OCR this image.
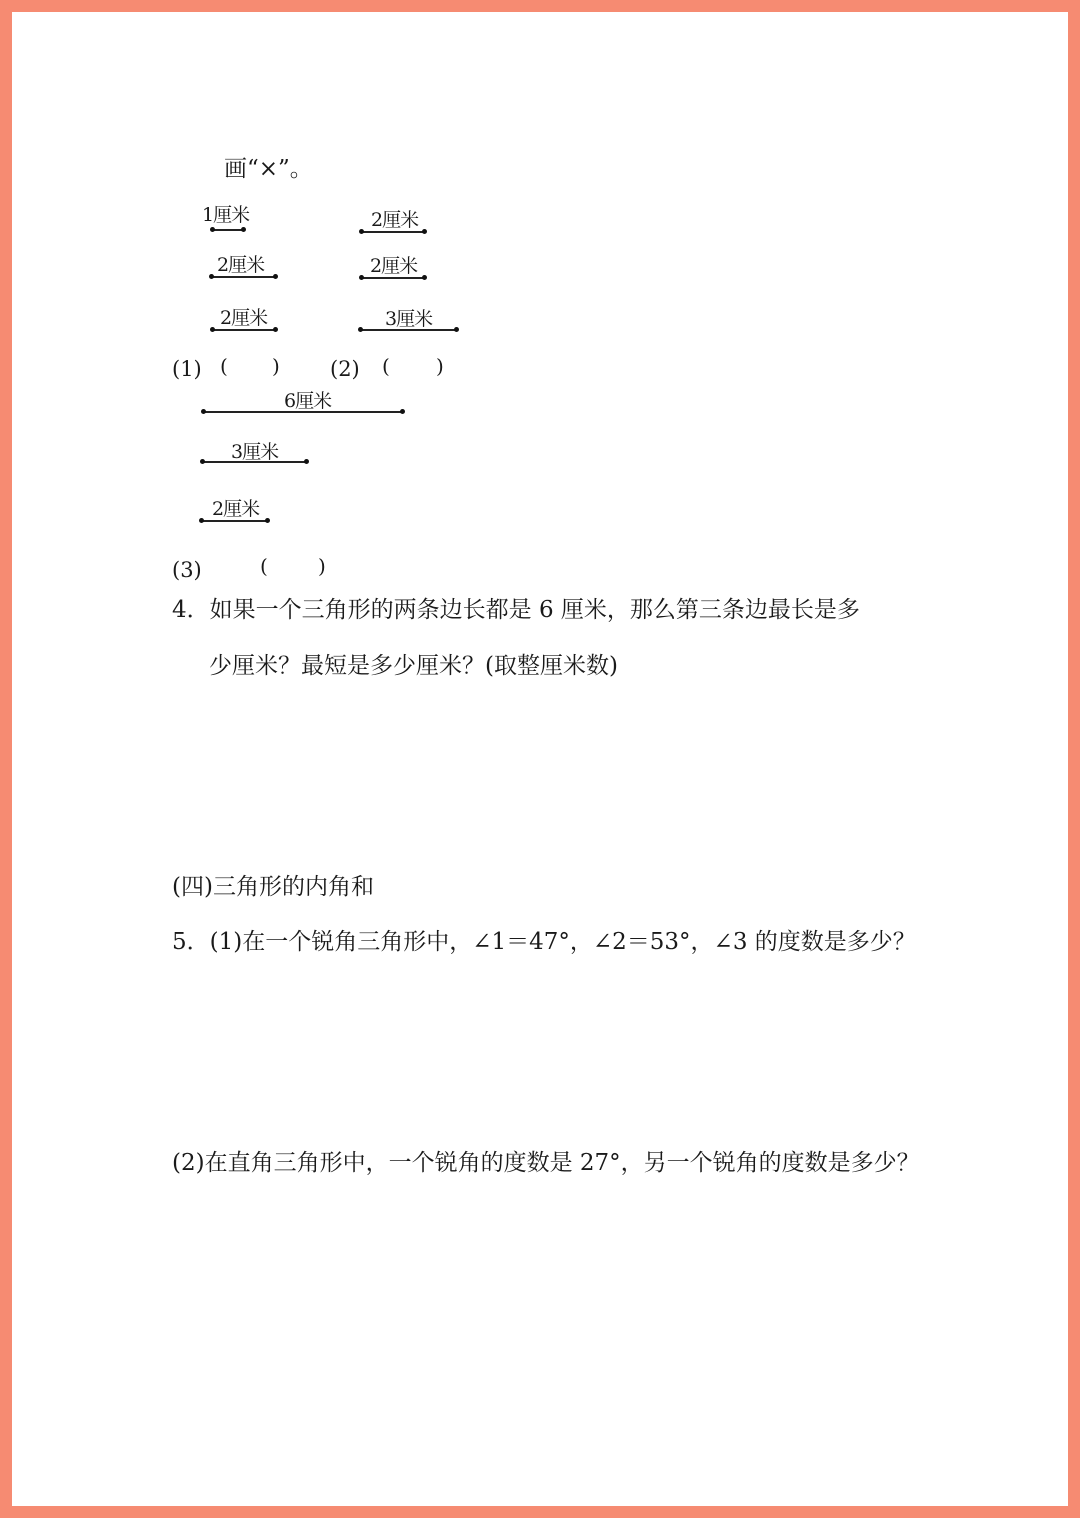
画“×”。
1厘米
2厘米
2厘米
(1) ( )
2厘米
2厘米
3厘米
(2) ( )
6厘米
3厘米
2厘米
(3)	(	)
4．如果一个三角形的两条边长都是 6 厘米，那么第三条边最长是多
少厘米？最短是多少厘米？(取整厘米数)
(四)三角形的内角和
5．(1)在一个锐角三角形中，∠1＝47°，∠2＝53°，∠3 的度数是多少？
(2)在直角三角形中，一个锐角的度数是 27°，另一个锐角的度数是多少？
